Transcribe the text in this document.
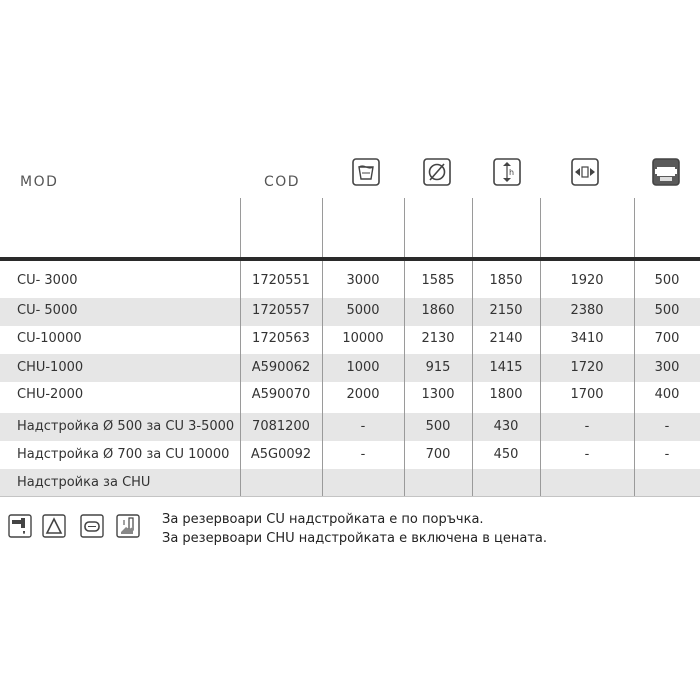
MOD	COD
h
CU- 3000	1720551	3000	1585	1850	1920	500
CU- 5000	1720557	5000	1860	2150	2380	500
CU-10000	1720563	10000	2130	2140	3410	700
CHU-1000	A590062	1000	915	1415	1720	300
CHU-2000	A590070	2000	1300	1800	1700	400
Надстройка Ø 500 за CU 3-5000	7081200	-	500	430	-	-
Надстройка Ø 700 за CU 10000	A5G0092	-	700	450	-	-
Надстройка за CHU
За резервоари CU надстройката е по поръчка.
За резервоари CHU надстройката е включена в цената.
